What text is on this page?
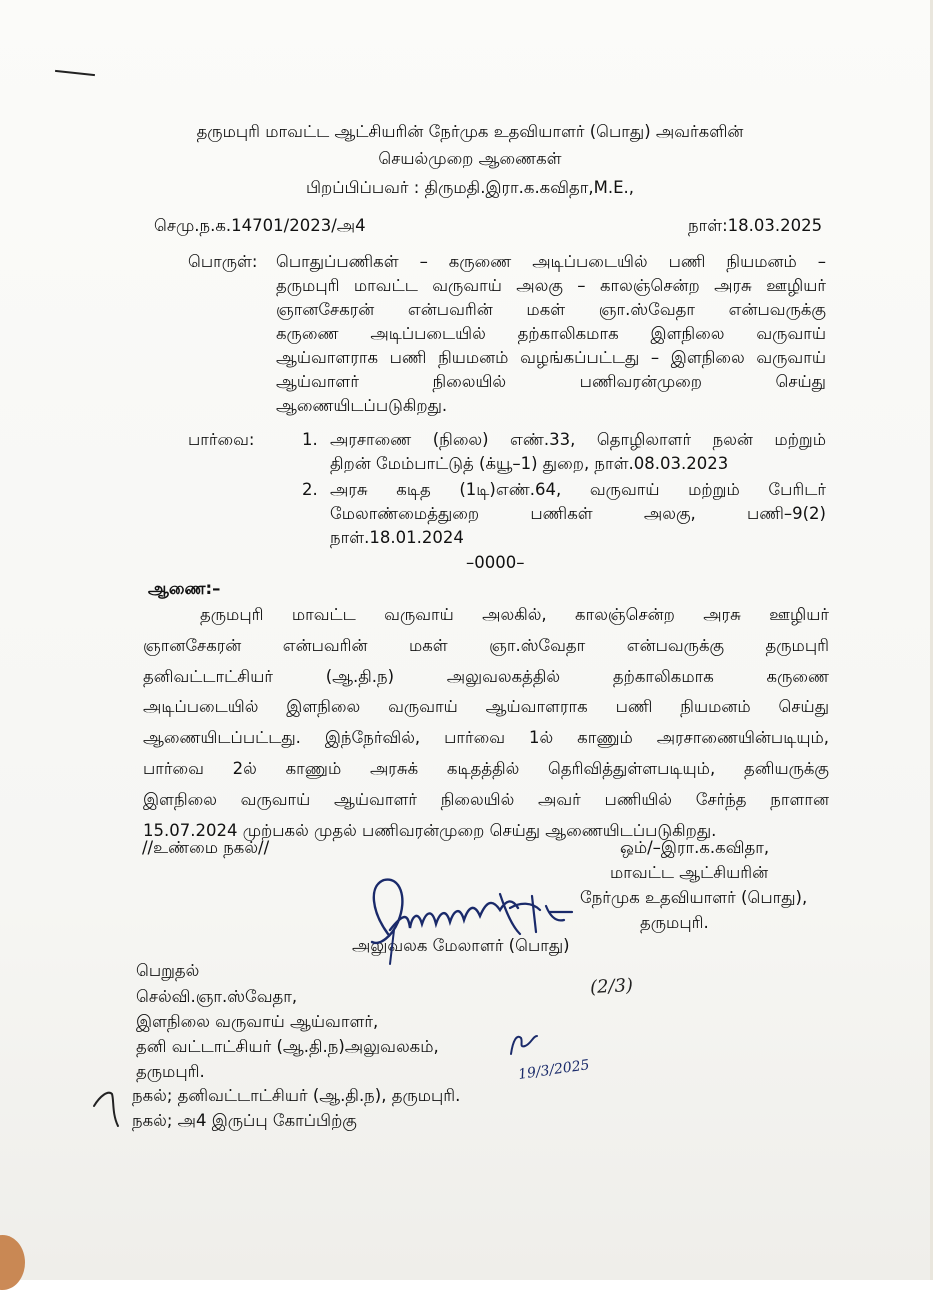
தருமபுரி மாவட்ட ஆட்சியரின் நேர்முக உதவியாளர் (பொது) அவர்களின்
செயல்முறை ஆணைகள்
பிறப்பிப்பவர் : திருமதி.இரா.க.கவிதா,M.E.,
செமு.ந.க.14701/2023/அ4	நாள்:18.03.2025
பொருள்: பொதுப்பணிகள் – கருணை அடிப்படையில் பணி நியமனம் –
தருமபுரி மாவட்ட வருவாய் அலகு – காலஞ்சென்ற அரசு ஊழியர்
ஞானசேகரன் என்பவரின் மகள் ஞா.ஸ்வேதா என்பவருக்கு
கருணை அடிப்படையில் தற்காலிகமாக இளநிலை வருவாய்
ஆய்வாளராக பணி நியமனம் வழங்கப்பட்டது – இளநிலை வருவாய்
ஆய்வாளர் நிலையில் பணிவரன்முறை செய்து
ஆணையிடப்படுகிறது.
பார்வை:	1. அரசாணை (நிலை) எண்.33, தொழிலாளர் நலன் மற்றும்
திறன் மேம்பாட்டுத் (க்யூ–1) துறை, நாள்.08.03.2023
2. அரசு கடித (1டி)எண்.64, வருவாய் மற்றும் பேரிடர்
மேலாண்மைத்துறை பணிகள் அலகு, பணி–9(2)
நாள்.18.01.2024
–0000–
ஆணை:–
தருமபுரி மாவட்ட வருவாய் அலகில், காலஞ்சென்ற அரசு ஊழியர்
ஞானசேகரன் என்பவரின் மகள் ஞா.ஸ்வேதா என்பவருக்கு தருமபுரி
தனிவட்டாட்சியர் (ஆ.தி.ந) அலுவலகத்தில் தற்காலிகமாக கருணை
அடிப்படையில் இளநிலை வருவாய் ஆய்வாளராக பணி நியமனம் செய்து
ஆணையிடப்பட்டது. இந்நேர்வில், பார்வை 1ல் காணும் அரசாணையின்படியும்,
பார்வை 2ல் காணும் அரசுக் கடிதத்தில் தெரிவித்துள்ளபடியும், தனியருக்கு
இளநிலை வருவாய் ஆய்வாளர் நிலையில் அவர் பணியில் சேர்ந்த நாளான
15.07.2024 முற்பகல் முதல் பணிவரன்முறை செய்து ஆணையிடப்படுகிறது.
//உண்மை நகல்//	ஒம்/–இரா.க.கவிதா,
மாவட்ட ஆட்சியரின்
நேர்முக உதவியாளர் (பொது),
தருமபுரி.
அலுவலக மேலாளர் (பொது)
(2/3)
19/3/2025
பெறுதல்
செல்வி.ஞா.ஸ்வேதா,
இளநிலை வருவாய் ஆய்வாளர்,
தனி வட்டாட்சியர் (ஆ.தி.ந)அலுவலகம்,
தருமபுரி.
நகல்; தனிவட்டாட்சியர் (ஆ.தி.ந), தருமபுரி.
நகல்; அ4 இருப்பு கோப்பிற்கு
